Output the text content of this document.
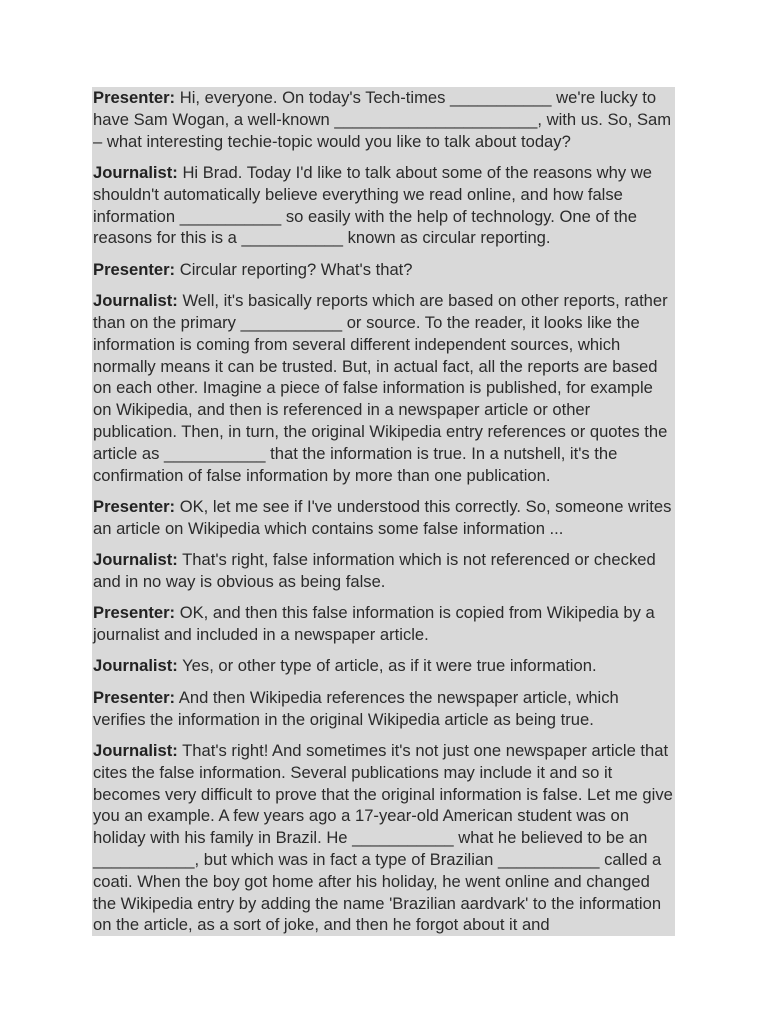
Presenter: Hi, everyone. On today's Tech-times ___________ we're lucky to have Sam Wogan, a well-known ______________________, with us. So, Sam – what interesting techie-topic would you like to talk about today?

Journalist: Hi Brad. Today I'd like to talk about some of the reasons why we shouldn't automatically believe everything we read online, and how false information ___________ so easily with the help of technology. One of the reasons for this is a ___________ known as circular reporting.

Presenter: Circular reporting? What's that?

Journalist: Well, it's basically reports which are based on other reports, rather than on the primary ___________ or source. To the reader, it looks like the information is coming from several different independent sources, which normally means it can be trusted. But, in actual fact, all the reports are based on each other. Imagine a piece of false information is published, for example on Wikipedia, and then is referenced in a newspaper article or other publication. Then, in turn, the original Wikipedia entry references or quotes the article as ___________ that the information is true. In a nutshell, it's the confirmation of false information by more than one publication.

Presenter: OK, let me see if I've understood this correctly. So, someone writes an article on Wikipedia which contains some false information ...

Journalist: That's right, false information which is not referenced or checked and in no way is obvious as being false.

Presenter: OK, and then this false information is copied from Wikipedia by a journalist and included in a newspaper article.

Journalist: Yes, or other type of article, as if it were true information.

Presenter: And then Wikipedia references the newspaper article, which verifies the information in the original Wikipedia article as being true.

Journalist: That's right! And sometimes it's not just one newspaper article that cites the false information. Several publications may include it and so it becomes very difficult to prove that the original information is false. Let me give you an example. A few years ago a 17-year-old American student was on holiday with his family in Brazil. He ___________ what he believed to be an ___________, but which was in fact a type of Brazilian ___________ called a coati. When the boy got home after his holiday, he went online and changed the Wikipedia entry by adding the name 'Brazilian aardvark' to the information on the article, as a sort of joke, and then he forgot about it and
